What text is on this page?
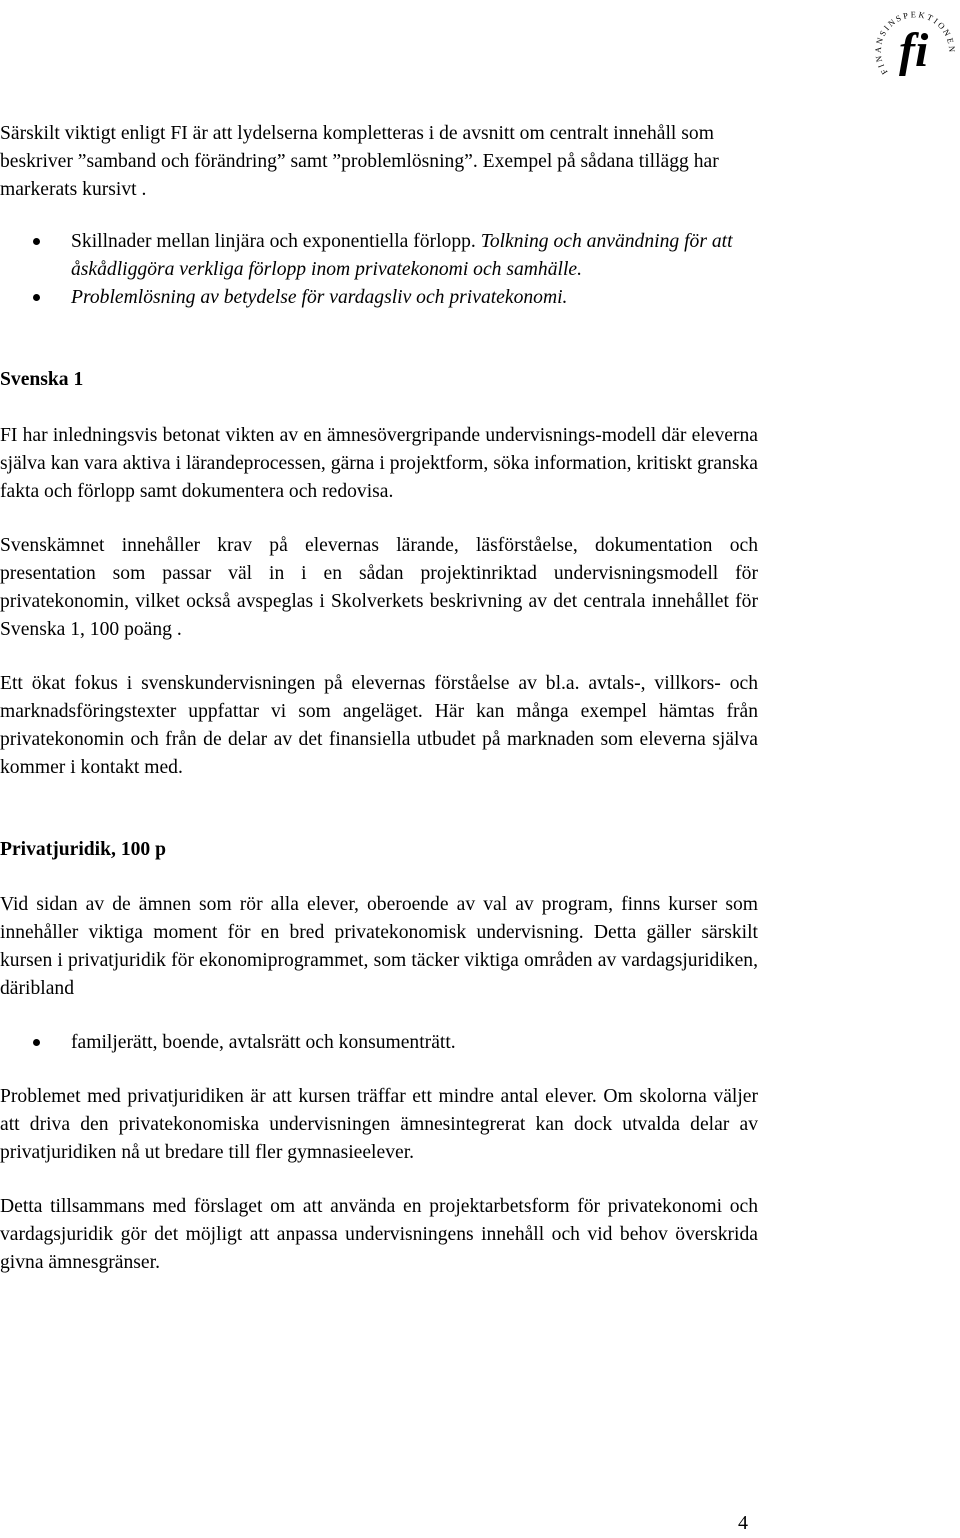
FINANSINSPEKTIONEN
fi

Särskilt viktigt enligt FI är att lydelserna kompletteras i de avsnitt om centralt innehåll som beskriver ”samband och förändring” samt ”problemlösning”. Exempel på sådana tillägg har markerats kursivt .

Skillnader mellan linjära och exponentiella förlopp. Tolkning och användning för att åskådliggöra verkliga förlopp inom privatekonomi och samhälle.
Problemlösning av betydelse för vardagsliv och privatekonomi.
Svenska 1

FI har inledningsvis betonat vikten av en ämnesövergripande undervisnings-modell där eleverna själva kan vara aktiva i lärandeprocessen, gärna i projektform, söka information, kritiskt granska fakta och förlopp samt dokumentera och redovisa.

Svenskämnet innehåller krav på elevernas lärande, läsförståelse, dokumentation och presentation som passar väl in i en sådan projektinriktad undervisningsmodell för privatekonomin, vilket också avspeglas i Skolverkets beskrivning av det centrala innehållet för Svenska 1, 100 poäng .

Ett ökat fokus i svenskundervisningen på elevernas förståelse av bl.a. avtals-, villkors- och marknadsföringstexter uppfattar vi som angeläget. Här kan många exempel hämtas från privatekonomin och från de delar av det finansiella utbudet på marknaden som eleverna själva kommer i kontakt med.

Privatjuridik, 100 p

Vid sidan av de ämnen som rör alla elever, oberoende av val av program, finns kurser som innehåller viktiga moment för en bred privatekonomisk undervisning. Detta gäller särskilt kursen i privatjuridik för ekonomiprogrammet, som täcker viktiga områden av vardagsjuridiken, däribland

familjerätt, boende, avtalsrätt och konsumenträtt.

Problemet med privatjuridiken är att kursen träffar ett mindre antal elever. Om skolorna väljer att driva den privatekonomiska undervisningen ämnesintegrerat kan dock utvalda delar av privatjuridiken nå ut bredare till fler gymnasieelever.

Detta tillsammans med förslaget om att använda en projektarbetsform för privatekonomi och vardagsjuridik gör det möjligt att anpassa undervisningens innehåll och vid behov överskrida givna ämnesgränser.

4
